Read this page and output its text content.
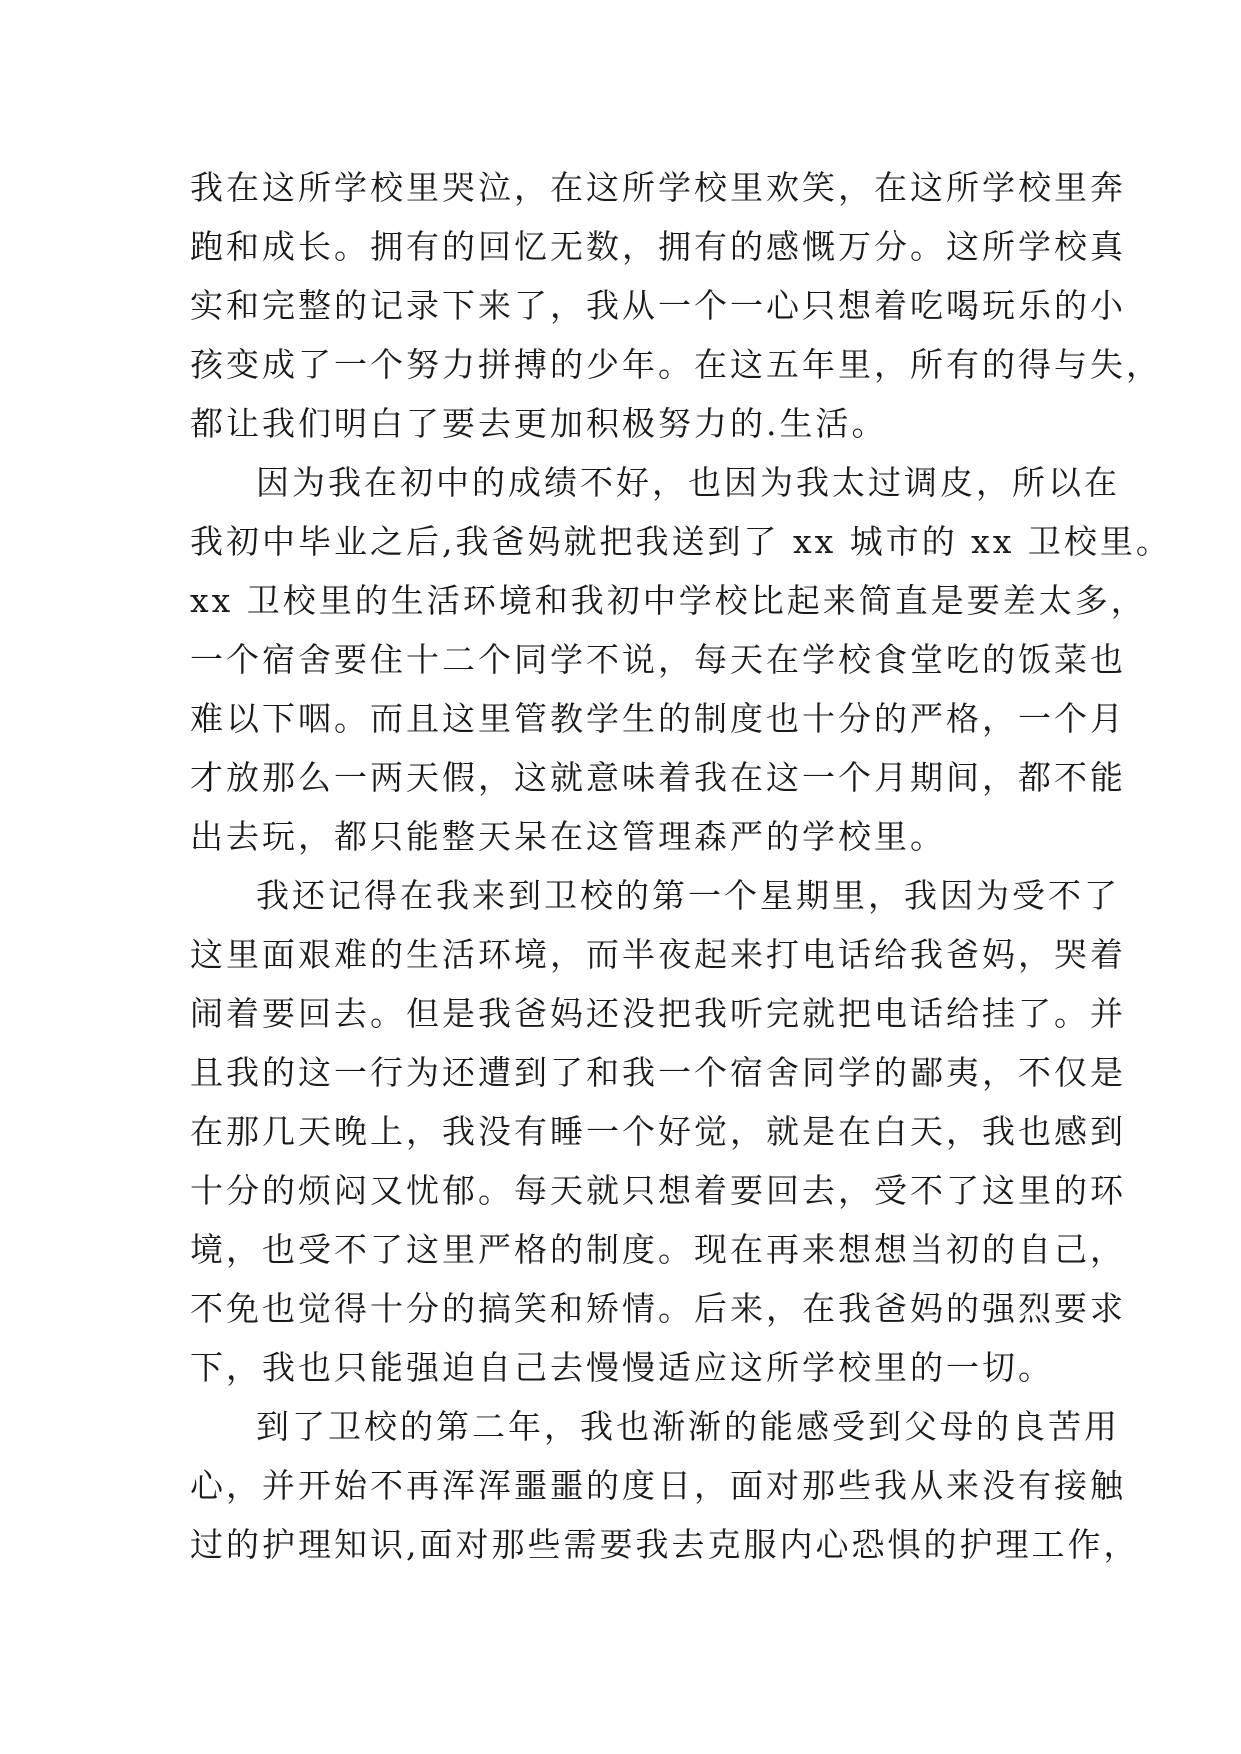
我在这所学校里哭泣，在这所学校里欢笑，在这所学校里奔
跑和成长。拥有的回忆无数，拥有的感慨万分。这所学校真
实和完整的记录下来了，我从一个一心只想着吃喝玩乐的小
孩变成了一个努力拼搏的少年。在这五年里，所有的得与失，
都让我们明白了要去更加积极努力的.生活。
因为我在初中的成绩不好，也因为我太过调皮，所以在
我初中毕业之后,我爸妈就把我送到了 xx 城市的 xx 卫校里。
xx 卫校里的生活环境和我初中学校比起来简直是要差太多，
一个宿舍要住十二个同学不说，每天在学校食堂吃的饭菜也
难以下咽。而且这里管教学生的制度也十分的严格，一个月
才放那么一两天假，这就意味着我在这一个月期间，都不能
出去玩，都只能整天呆在这管理森严的学校里。
我还记得在我来到卫校的第一个星期里，我因为受不了
这里面艰难的生活环境，而半夜起来打电话给我爸妈，哭着
闹着要回去。但是我爸妈还没把我听完就把电话给挂了。并
且我的这一行为还遭到了和我一个宿舍同学的鄙夷，不仅是
在那几天晚上，我没有睡一个好觉，就是在白天，我也感到
十分的烦闷又忧郁。每天就只想着要回去，受不了这里的环
境，也受不了这里严格的制度。现在再来想想当初的自己，
不免也觉得十分的搞笑和矫情。后来，在我爸妈的强烈要求
下，我也只能强迫自己去慢慢适应这所学校里的一切。
到了卫校的第二年，我也渐渐的能感受到父母的良苦用
心，并开始不再浑浑噩噩的度日，面对那些我从来没有接触
过的护理知识,面对那些需要我去克服内心恐惧的护理工作，
